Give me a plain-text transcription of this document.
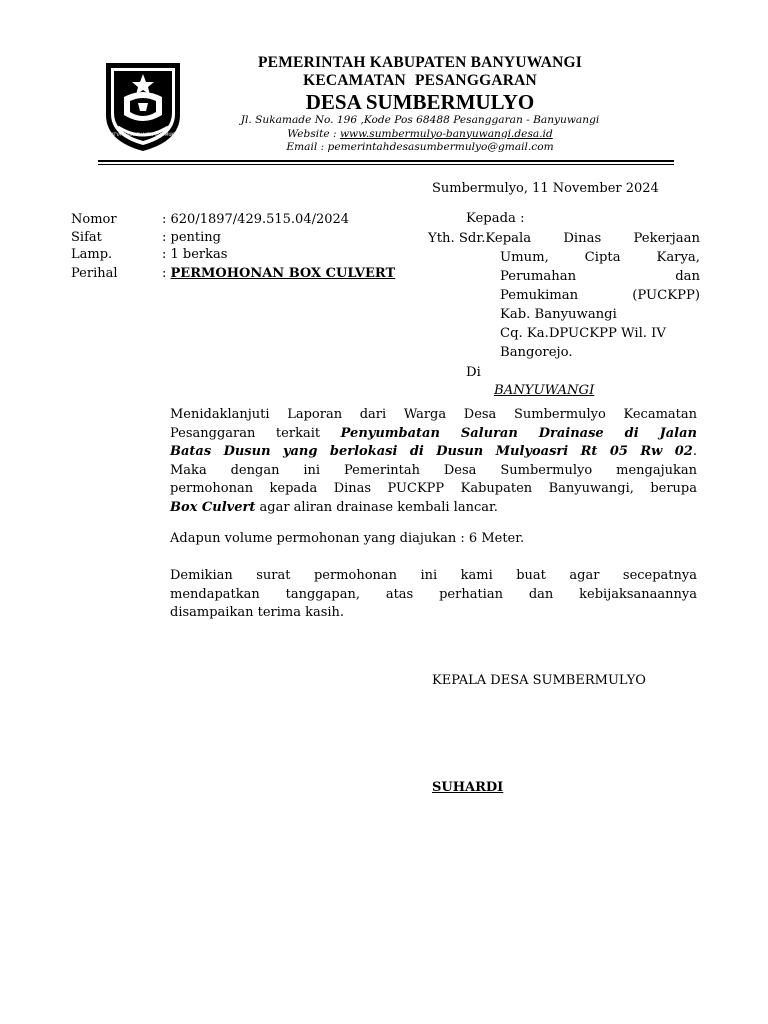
SATYA BUDHI BHAKTI PRAJA MUKTI
PEMERINTAH KABUPATEN BANYUWANGI
KECAMATAN PESANGGARAN
DESA SUMBERMULYO
Jl. Sukamade No. 196 ,Kode Pos 68488 Pesanggaran - Banyuwangi
Website : www.sumbermulyo-banyuwangi.desa.id
Email : pemerintahdesasumbermulyo@gmail.com
Sumbermulyo, 11 November 2024
Nomor	: 620/1897/429.515.04/2024
Sifat	: penting
Lamp.	: 1 berkas
Perihal	: PERMOHONAN BOX CULVERT
Kepada :
Yth. Sdr. Kepala Dinas Pekerjaan
Umum, Cipta Karya,
Perumahan dan
Pemukiman (PUCKPP)
Kab. Banyuwangi
Cq. Ka.DPUCKPP Wil. IV
Bangorejo.
Di
BANYUWANGI
Menidaklanjuti Laporan dari Warga Desa Sumbermulyo Kecamatan
Pesanggaran terkait Penyumbatan Saluran Drainase di Jalan
Batas Dusun yang berlokasi di Dusun Mulyoasri Rt 05 Rw 02.
Maka dengan ini Pemerintah Desa Sumbermulyo mengajukan
permohonan kepada Dinas PUCKPP Kabupaten Banyuwangi, berupa
Box Culvert agar aliran drainase kembali lancar.
Adapun volume permohonan yang diajukan : 6 Meter.
Demikian surat permohonan ini kami buat agar secepatnya
mendapatkan tanggapan, atas perhatian dan kebijaksanaannya
disampaikan terima kasih.
KEPALA DESA SUMBERMULYO
SUHARDI
